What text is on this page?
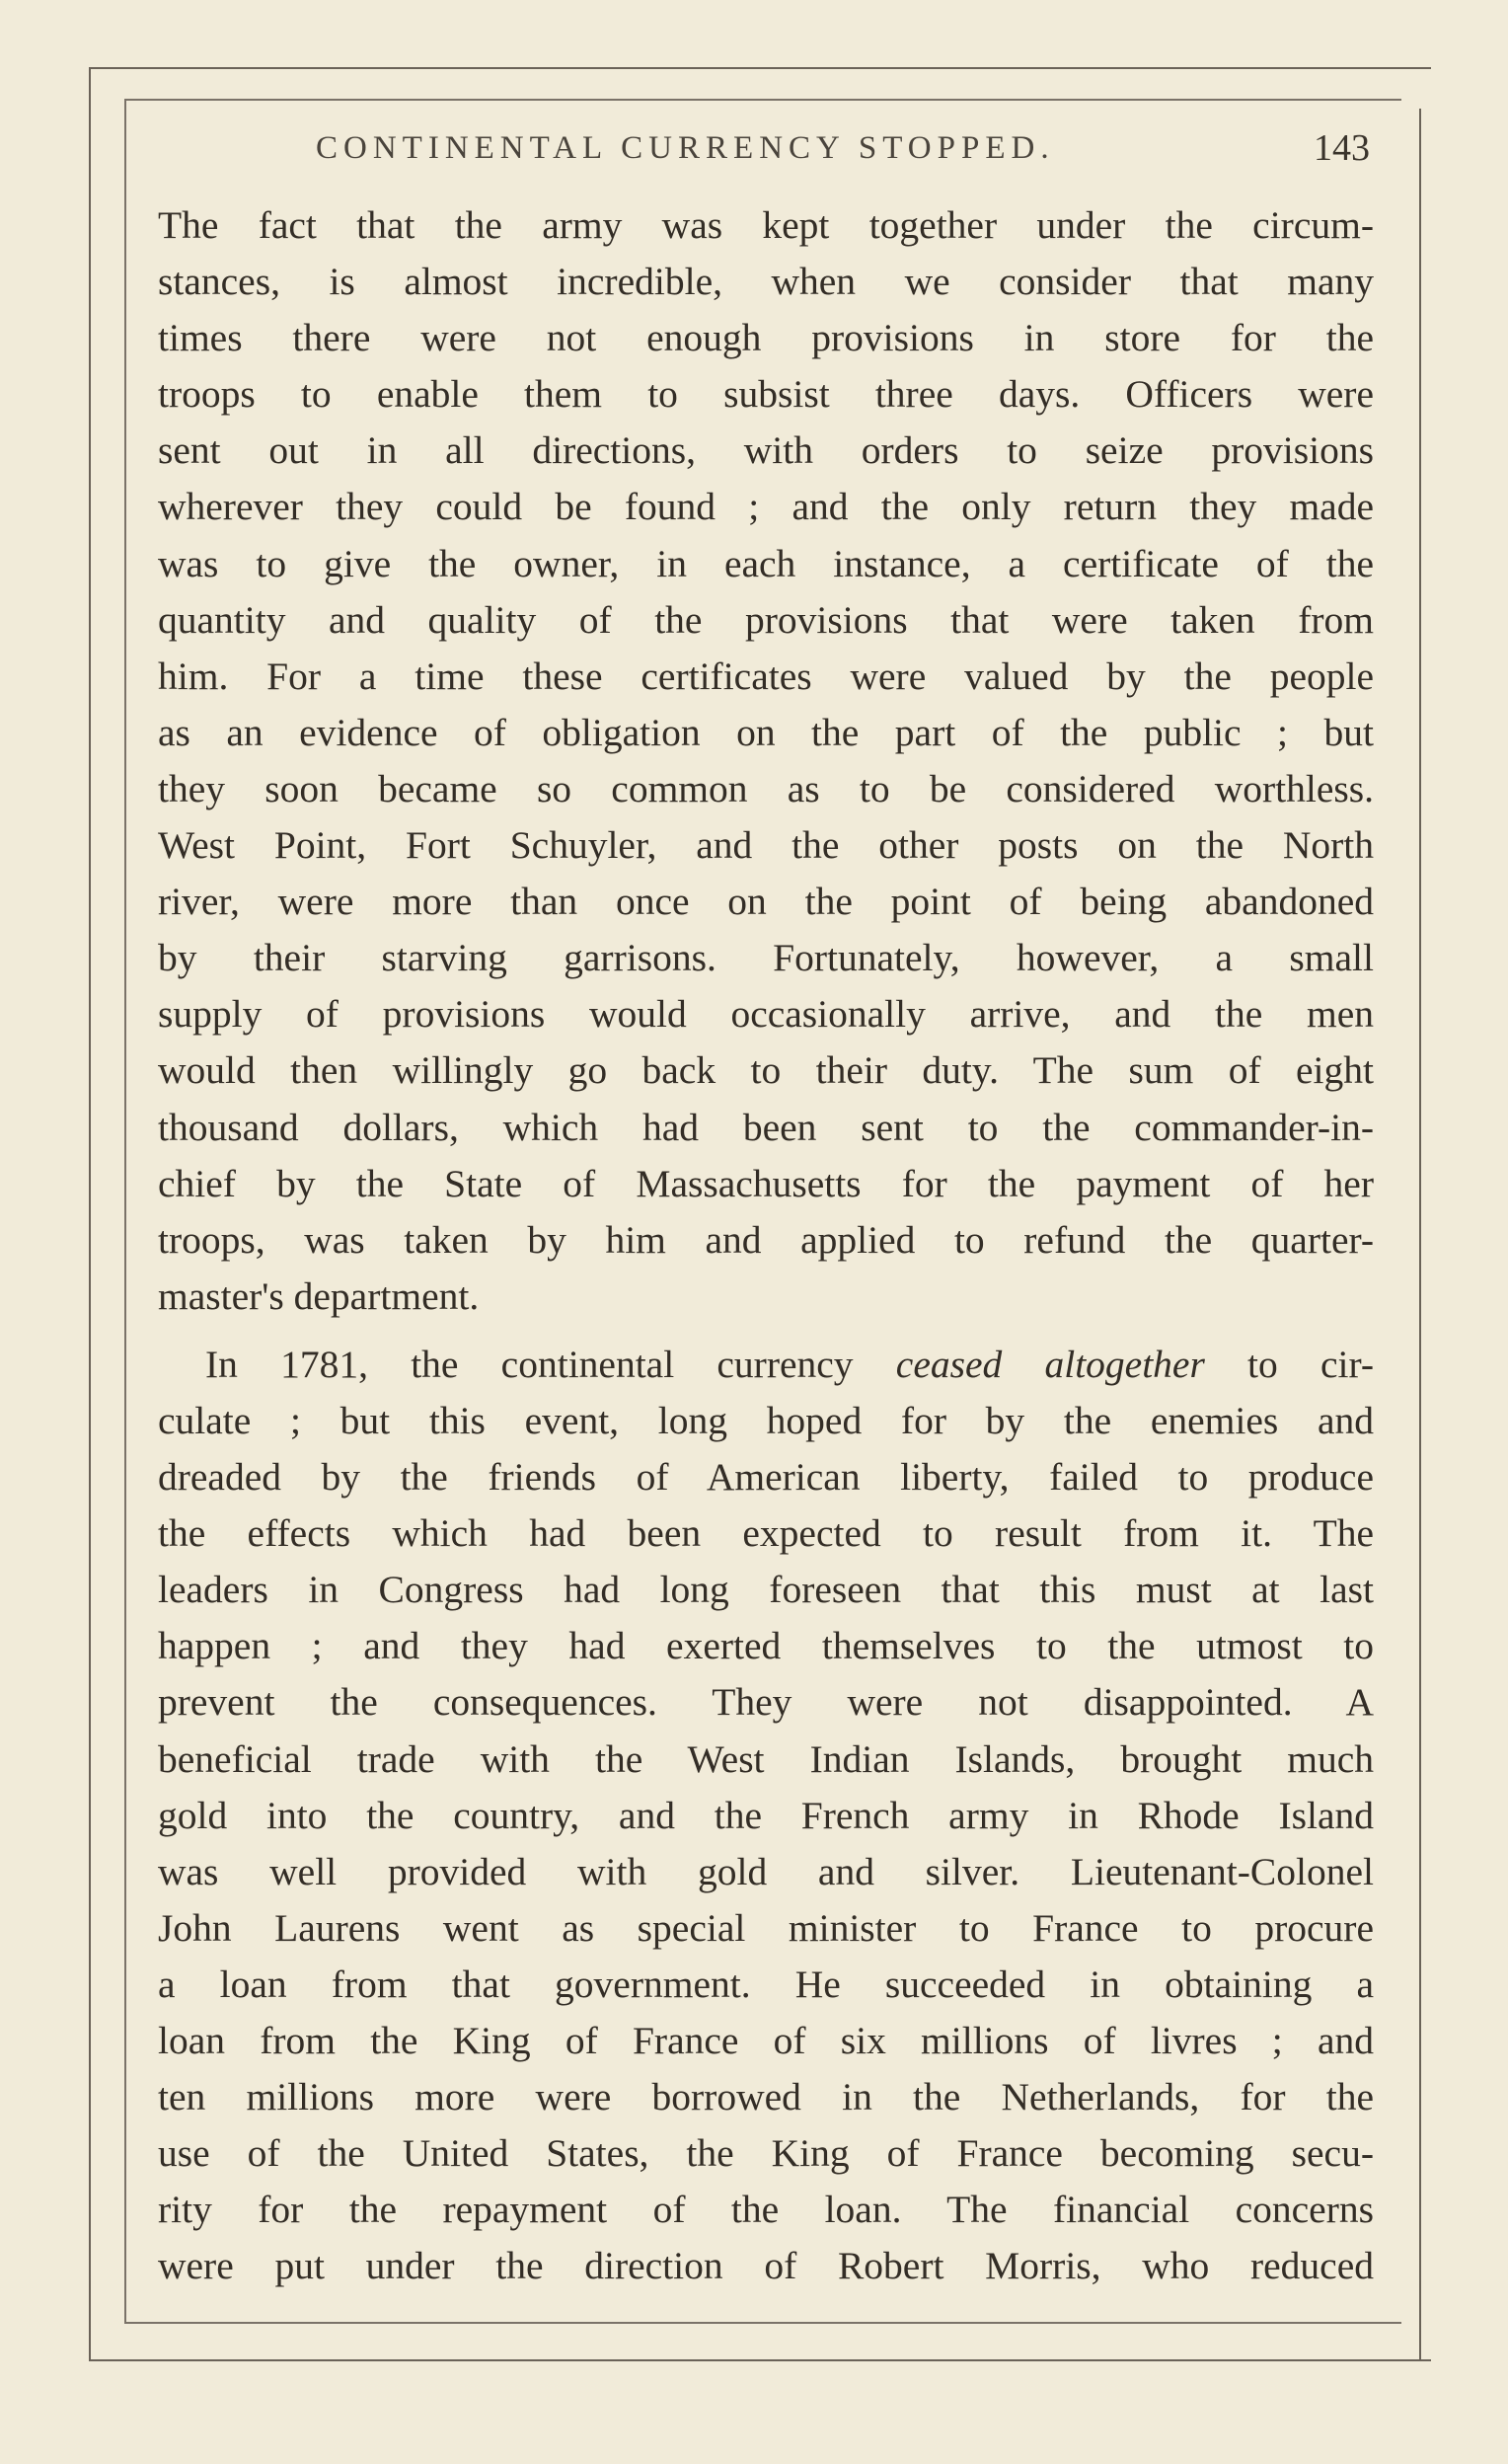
CONTINENTAL CURRENCY STOPPED.	143
The fact that the army was kept together under the circum-
stances, is almost incredible, when we consider that many
times there were not enough provisions in store for the
troops to enable them to subsist three days. Officers were
sent out in all directions, with orders to seize provisions
wherever they could be found ; and the only return they made
was to give the owner, in each instance, a certificate of the
quantity and quality of the provisions that were taken from
him. For a time these certificates were valued by the people
as an evidence of obligation on the part of the public ; but
they soon became so common as to be considered worthless.
West Point, Fort Schuyler, and the other posts on the North
river, were more than once on the point of being abandoned
by their starving garrisons. Fortunately, however, a small
supply of provisions would occasionally arrive, and the men
would then willingly go back to their duty. The sum of eight
thousand dollars, which had been sent to the commander-in-
chief by the State of Massachusetts for the payment of her
troops, was taken by him and applied to refund the quarter-
master's department.
In 1781, the continental currency ceased altogether to cir-
culate ; but this event, long hoped for by the enemies and
dreaded by the friends of American liberty, failed to produce
the effects which had been expected to result from it. The
leaders in Congress had long foreseen that this must at last
happen ; and they had exerted themselves to the utmost to
prevent the consequences. They were not disappointed. A
beneficial trade with the West Indian Islands, brought much
gold into the country, and the French army in Rhode Island
was well provided with gold and silver. Lieutenant-Colonel
John Laurens went as special minister to France to procure
a loan from that government. He succeeded in obtaining a
loan from the King of France of six millions of livres ; and
ten millions more were borrowed in the Netherlands, for the
use of the United States, the King of France becoming secu-
rity for the repayment of the loan. The financial concerns
were put under the direction of Robert Morris, who reduced
